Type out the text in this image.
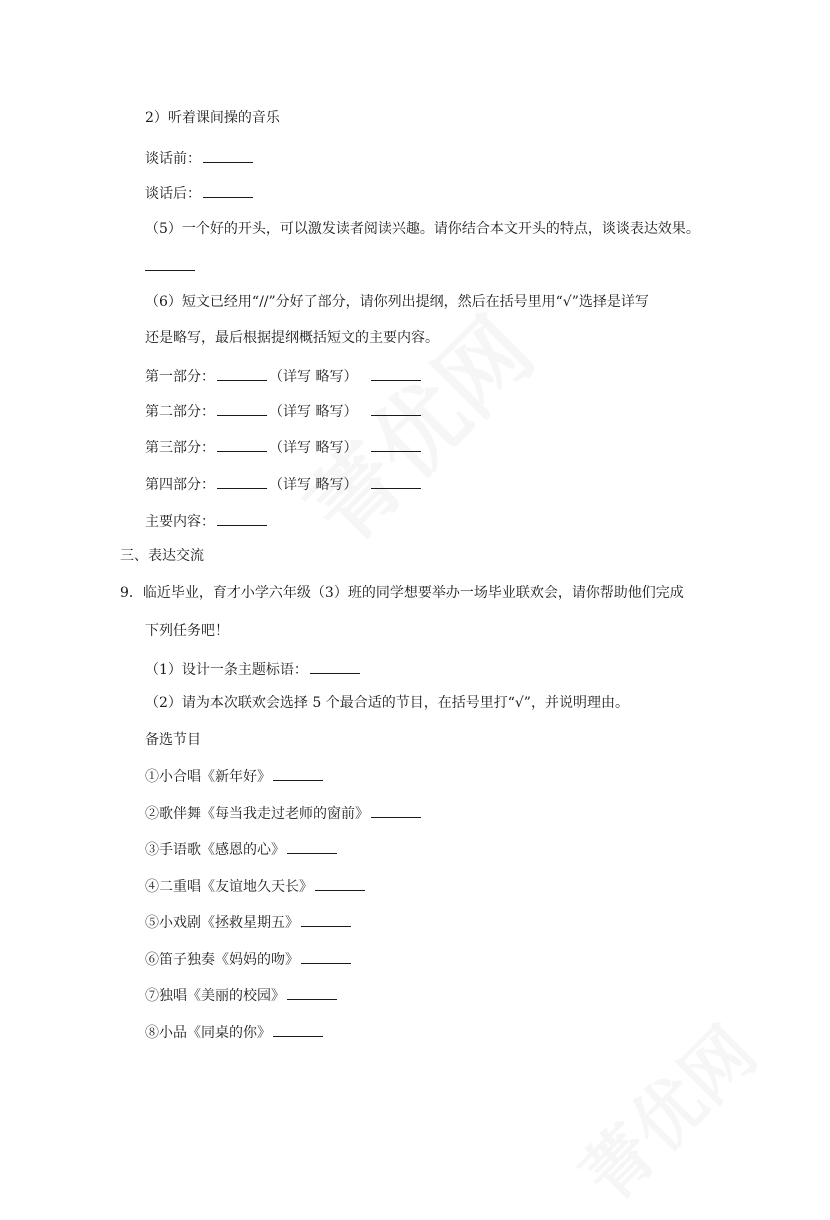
2）听着课间操的音乐
谈话前：
谈话后：
（5）一个好的开头，可以激发读者阅读兴趣。请你结合本文开头的特点，谈谈表达效果。
（6）短文已经用“//”分好了部分，请你列出提纲，然后在括号里用“√”选择是详写
还是略写，最后根据提纲概括短文的主要内容。
第一部分：	（详写 略写）
第二部分：	（详写 略写）
第三部分：	（详写 略写）
第四部分：	（详写 略写）
主要内容：
三、表达交流
9．临近毕业，育才小学六年级（3）班的同学想要举办一场毕业联欢会，请你帮助他们完成
下列任务吧！
（1）设计一条主题标语：
（2）请为本次联欢会选择 5 个最合适的节目，在括号里打“√”，并说明理由。
备选节目
①小合唱《新年好》
②歌伴舞《每当我走过老师的窗前》
③手语歌《感恩的心》
④二重唱《友谊地久天长》
⑤小戏剧《拯救星期五》
⑥笛子独奏《妈妈的吻》
⑦独唱《美丽的校园》
⑧小品《同桌的你》
